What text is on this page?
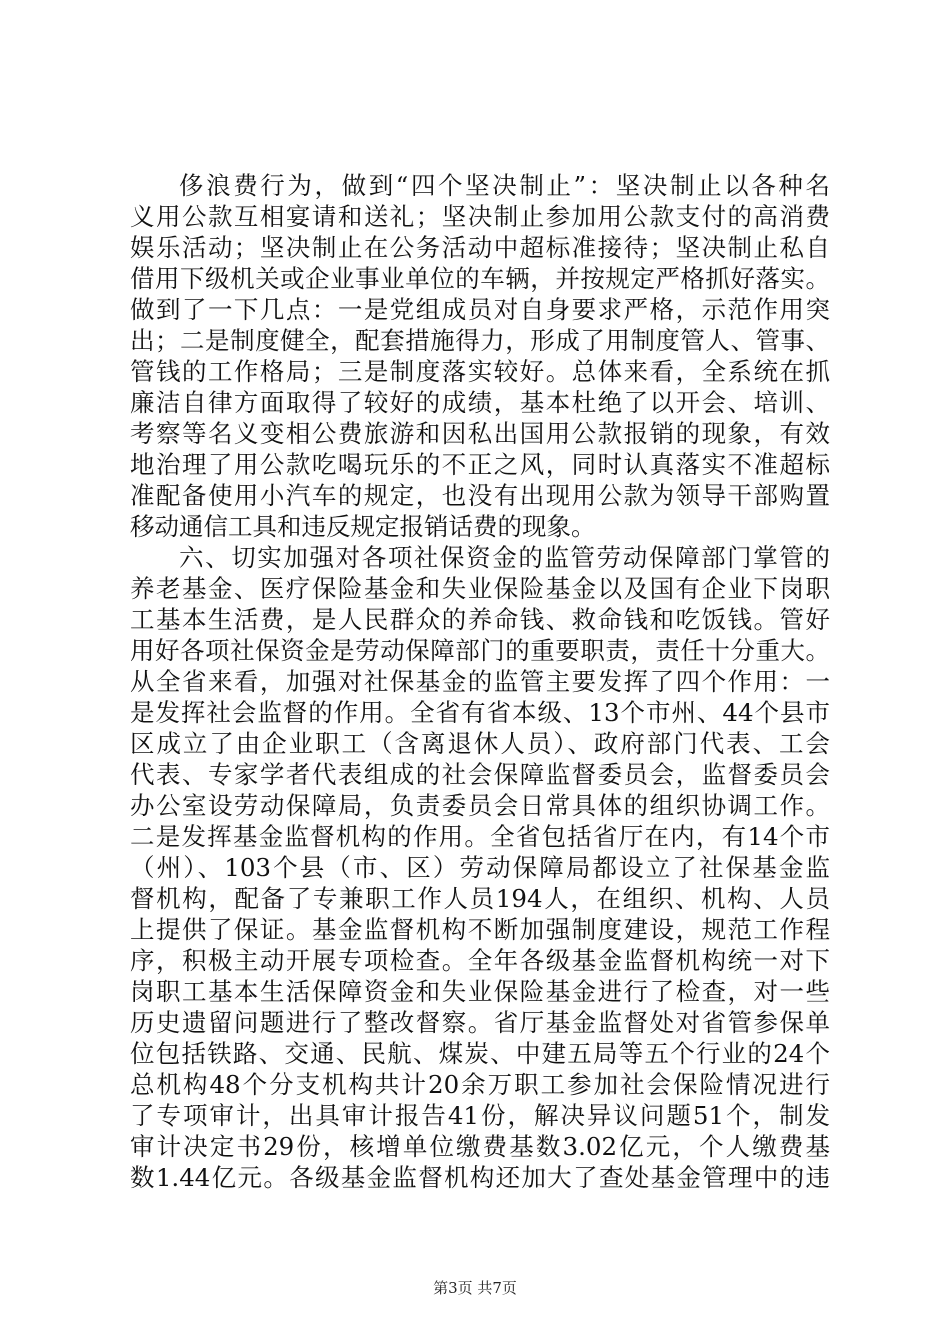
侈浪费行为，做到“四个坚决制止”：坚决制止以各种名
义用公款互相宴请和送礼；坚决制止参加用公款支付的高消费
娱乐活动；坚决制止在公务活动中超标准接待；坚决制止私自
借用下级机关或企业事业单位的车辆，并按规定严格抓好落实。
做到了一下几点：一是党组成员对自身要求严格，示范作用突
出；二是制度健全，配套措施得力，形成了用制度管人、管事、
管钱的工作格局；三是制度落实较好。总体来看，全系统在抓
廉洁自律方面取得了较好的成绩，基本杜绝了以开会、培训、
考察等名义变相公费旅游和因私出国用公款报销的现象，有效
地治理了用公款吃喝玩乐的不正之风，同时认真落实不准超标
准配备使用小汽车的规定，也没有出现用公款为领导干部购置
移动通信工具和违反规定报销话费的现象。
六、切实加强对各项社保资金的监管劳动保障部门掌管的
养老基金、医疗保险基金和失业保险基金以及国有企业下岗职
工基本生活费，是人民群众的养命钱、救命钱和吃饭钱。管好
用好各项社保资金是劳动保障部门的重要职责，责任十分重大。
从全省来看，加强对社保基金的监管主要发挥了四个作用：一
是发挥社会监督的作用。全省有省本级、13个市州、44个县市
区成立了由企业职工（含离退休人员）、政府部门代表、工会
代表、专家学者代表组成的社会保障监督委员会，监督委员会
办公室设劳动保障局，负责委员会日常具体的组织协调工作。
二是发挥基金监督机构的作用。全省包括省厅在内，有14个市
（州）、103个县（市、区）劳动保障局都设立了社保基金监
督机构，配备了专兼职工作人员194人，在组织、机构、人员
上提供了保证。基金监督机构不断加强制度建设，规范工作程
序，积极主动开展专项检查。全年各级基金监督机构统一对下
岗职工基本生活保障资金和失业保险基金进行了检查，对一些
历史遗留问题进行了整改督察。省厅基金监督处对省管参保单
位包括铁路、交通、民航、煤炭、中建五局等五个行业的24个
总机构48个分支机构共计20余万职工参加社会保险情况进行
了专项审计，出具审计报告41份，解决异议问题51个，制发
审计决定书29份，核增单位缴费基数3.02亿元，个人缴费基
数1.44亿元。各级基金监督机构还加大了查处基金管理中的违
第3页 共7页
